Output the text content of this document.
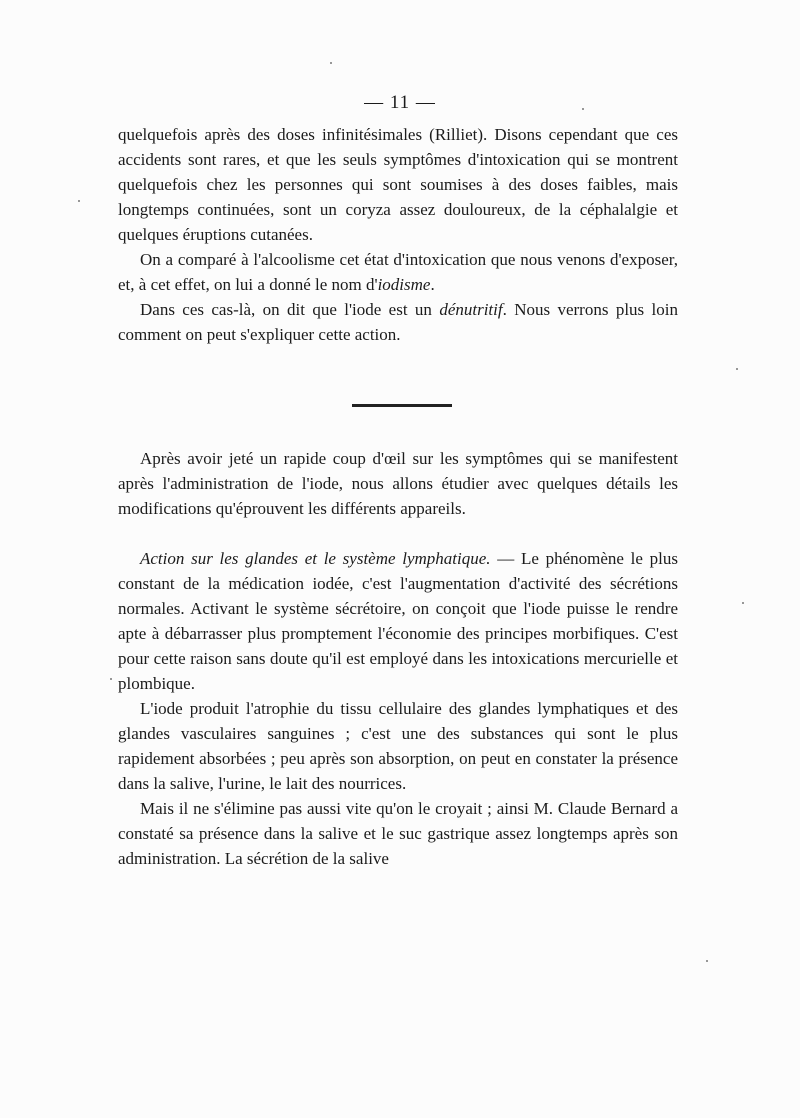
— 11 —

quelquefois après des doses infinitésimales (Rilliet). Disons cependant que ces accidents sont rares, et que les seuls symptômes d'intoxication qui se montrent quelquefois chez les personnes qui sont soumises à des doses faibles, mais longtemps continuées, sont un coryza assez douloureux, de la céphalalgie et quelques éruptions cutanées.

On a comparé à l'alcoolisme cet état d'intoxication que nous venons d'exposer, et, à cet effet, on lui a donné le nom d'iodisme.

Dans ces cas-là, on dit que l'iode est un dénutritif. Nous verrons plus loin comment on peut s'expliquer cette action.

Après avoir jeté un rapide coup d'œil sur les symptômes qui se manifestent après l'administration de l'iode, nous allons étudier avec quelques détails les modifications qu'éprouvent les différents appareils.

Action sur les glandes et le système lymphatique. — Le phénomène le plus constant de la médication iodée, c'est l'augmentation d'activité des sécrétions normales. Activant le système sécrétoire, on conçoit que l'iode puisse le rendre apte à débarrasser plus promptement l'économie des principes morbifiques. C'est pour cette raison sans doute qu'il est employé dans les intoxications mercurielle et plombique.

L'iode produit l'atrophie du tissu cellulaire des glandes lymphatiques et des glandes vasculaires sanguines ; c'est une des substances qui sont le plus rapidement absorbées ; peu après son absorption, on peut en constater la présence dans la salive, l'urine, le lait des nourrices.

Mais il ne s'élimine pas aussi vite qu'on le croyait ; ainsi M. Claude Bernard a constaté sa présence dans la salive et le suc gastrique assez longtemps après son administration. La sécrétion de la salive
